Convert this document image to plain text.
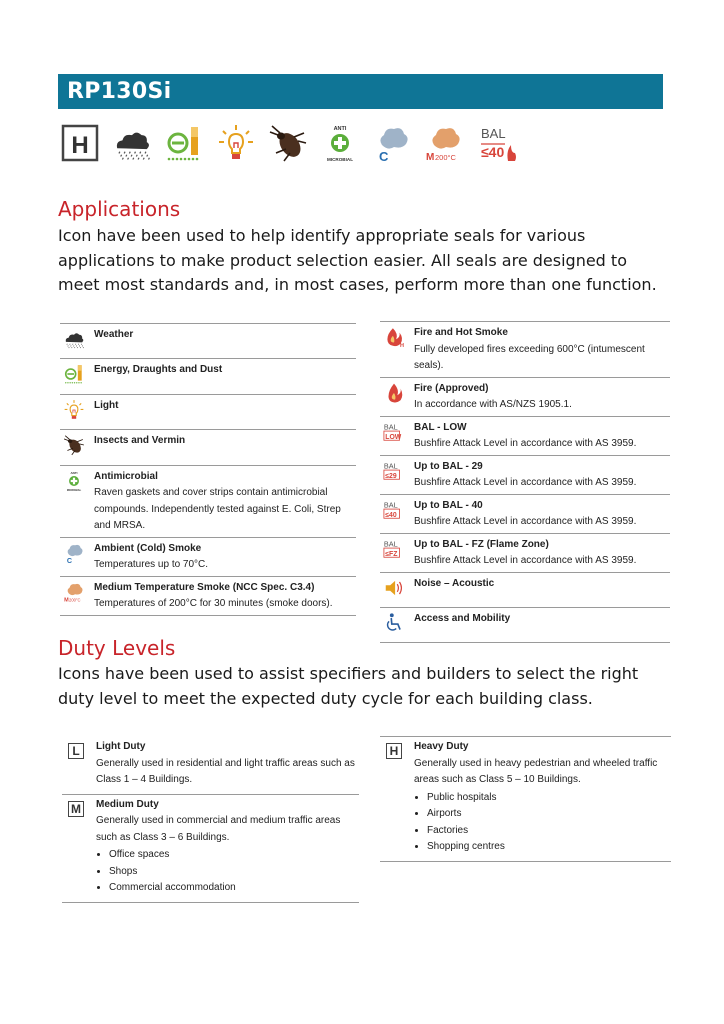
RP130Si
H
ANTI
MICROBIAL C	M 200°C
BAL
≤40
Applications
Icon have been used to help identify appropriate seals for various
applications to make product selection easier. All seals are designed to
meet most standards and, in most cases, perform more than one function.
Weather
Energy, Draughts and Dust
Light
Insects and Vermin
ANTI
MICROBIAL
Antimicrobial
Raven gaskets and cover strips contain antimicrobial compounds. Independently tested against E. Coli, Strep and MRSA.
C
Ambient (Cold) Smoke
Temperatures up to 70°C.
M 200°C
Medium Temperature Smoke (NCC Spec. C3.4)
Temperatures of 200°C for 30 minutes (smoke doors).
H
Fire and Hot Smoke
Fully developed fires exceeding 600°C (intumescent seals).
Fire (Approved)
In accordance with AS/NZS 1905.1.
BAL
LOW
BAL - LOW
Bushfire Attack Level in accordance with AS 3959.
BAL
≤29
Up to BAL - 29
Bushfire Attack Level in accordance with AS 3959.
BAL
≤40
Up to BAL - 40
Bushfire Attack Level in accordance with AS 3959.
BAL
≤FZ
Up to BAL - FZ (Flame Zone)
Bushfire Attack Level in accordance with AS 3959.
Noise – Acoustic
Access and Mobility
Duty Levels
Icons have been used to assist specifiers and builders to select the right
duty level to meet the expected duty cycle for each building class.
L	Light Duty
Generally used in residential and light traffic areas such as Class 1 – 4 Buildings.
M	Medium Duty
Generally used in commercial and medium traffic areas such as Class 3 – 6 Buildings.
• Office spaces
• Shops
• Commercial accommodation
H	Heavy Duty
Generally used in heavy pedestrian and wheeled traffic areas such as Class 5 – 10 Buildings.
• Public hospitals
• Airports
• Factories
• Shopping centres
